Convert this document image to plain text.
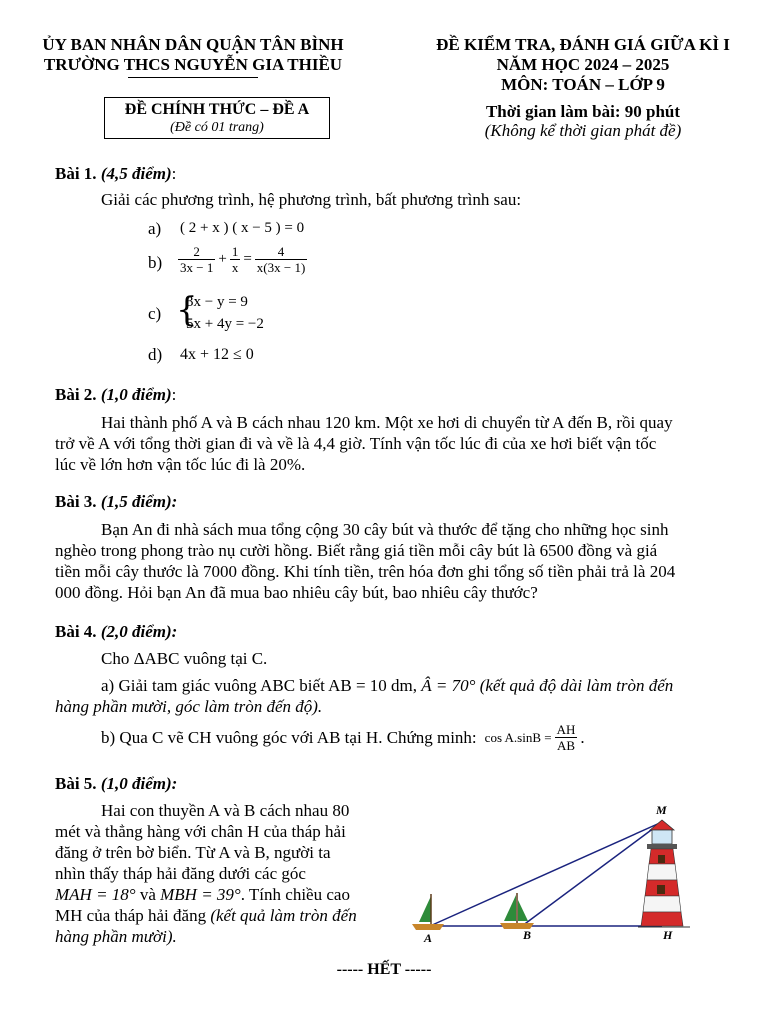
ỦY BAN NHÂN DÂN QUẬN TÂN BÌNH
TRƯỜNG THCS NGUYỄN GIA THIỀU
ĐỀ KIỂM TRA, ĐÁNH GIÁ GIỮA KÌ I
NĂM HỌC 2024 – 2025
MÔN: TOÁN – LỚP 9
ĐỀ CHÍNH THỨC – ĐỀ A
(Đề có 01 trang)
Thời gian làm bài: 90 phút
(Không kể thời gian phát đề)
Bài 1. (4,5 điểm):
Giải các phương trình, hệ phương trình, bất phương trình sau:
a) ( 2 + x ) ( x − 5 ) = 0
$b) \frac{2}{3x - 1} + \frac{1}{x} = \frac{4}{x(3x - 1)}$
c) {
3x − y = 9
5x + 4y = −2
d) 4x + 12 ≤ 0
Bài 2. (1,0 điểm):
Hai thành phố A và B cách nhau 120 km. Một xe hơi di chuyển từ A đến B, rồi quay
trở về A với tổng thời gian đi và về là 4,4 giờ. Tính vận tốc lúc đi của xe hơi biết vận tốc
lúc về lớn hơn vận tốc lúc đi là 20%.
Bài 3. (1,5 điểm):
Bạn An đi nhà sách mua tổng cộng 30 cây bút và thước để tặng cho những học sinh
nghèo trong phong trào nụ cười hồng. Biết rằng giá tiền mỗi cây bút là 6500 đồng và giá
tiền mỗi cây thước là 7000 đồng. Khi tính tiền, trên hóa đơn ghi tổng số tiền phải trả là 204
000 đồng. Hỏi bạn An đã mua bao nhiêu cây bút, bao nhiêu cây thước?
Bài 4. (2,0 điểm):
Cho ΔABC vuông tại C.
a) Giải tam giác vuông ABC biết AB = 10 dm, Â = 70° (kết quả độ dài làm tròn đến
hàng phần mười, góc làm tròn đến độ).
b) Qua C vẽ CH vuông góc với AB tại H. Chứng minh: $\cos A.\sin B = \frac{AH}{AB}$ .
Bài 5. (1,0 điểm):
Hai con thuyền A và B cách nhau 80
mét và thẳng hàng với chân H của tháp hải
đăng ở trên bờ biển. Từ A và B, người ta
nhìn thấy tháp hải đăng dưới các góc
MAH = 18° và MBH = 39°. Tính chiều cao
MH của tháp hải đăng (kết quả làm tròn đến
hàng phần mười).
M
A	B	H
----- HẾT -----
